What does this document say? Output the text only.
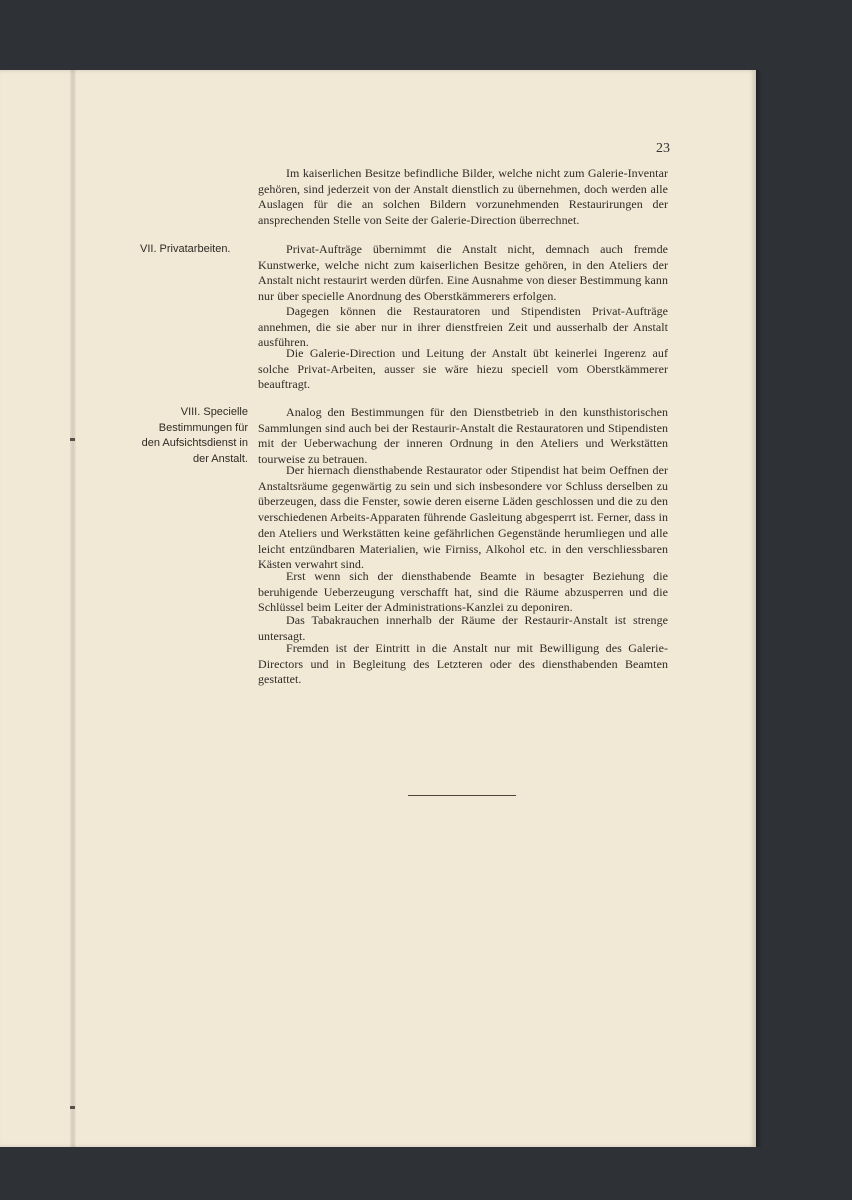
23

Im kaiserlichen Besitze befindliche Bilder, welche nicht zum Galerie-Inventar gehören, sind jederzeit von der Anstalt dienstlich zu übernehmen, doch werden alle Auslagen für die an solchen Bildern vorzunehmenden Restaurirungen der ansprechenden Stelle von Seite der Galerie-Direction überrechnet.

VII. Privatarbeiten.	Privat-Aufträge übernimmt die Anstalt nicht, demnach auch fremde Kunstwerke, welche nicht zum kaiserlichen Besitze gehören, in den Ateliers der Anstalt nicht restaurirt werden dürfen. Eine Ausnahme von dieser Bestimmung kann nur über specielle Anordnung des Oberstkämmerers erfolgen.

Dagegen können die Restauratoren und Stipendisten Privat-Aufträge annehmen, die sie aber nur in ihrer dienstfreien Zeit und ausserhalb der Anstalt ausführen.

Die Galerie-Direction und Leitung der Anstalt übt keinerlei Ingerenz auf solche Privat-Arbeiten, ausser sie wäre hiezu speciell vom Oberstkämmerer beauftragt.

VIII. Specielle Bestimmungen für den Aufsichtsdienst in der Anstalt.

Analog den Bestimmungen für den Dienstbetrieb in den kunsthistorischen Sammlungen sind auch bei der Restaurir-Anstalt die Restauratoren und Stipendisten mit der Ueberwachung der inneren Ordnung in den Ateliers und Werkstätten tourweise zu betrauen.

Der hiernach diensthabende Restaurator oder Stipendist hat beim Oeffnen der Anstaltsräume gegenwärtig zu sein und sich insbesondere vor Schluss derselben zu überzeugen, dass die Fenster, sowie deren eiserne Läden geschlossen und die zu den verschiedenen Arbeits-Apparaten führende Gasleitung abgesperrt ist. Ferner, dass in den Ateliers und Werkstätten keine gefährlichen Gegenstände herumliegen und alle leicht entzündbaren Materialien, wie Firniss, Alkohol etc. in den verschliessbaren Kästen verwahrt sind.

Erst wenn sich der diensthabende Beamte in besagter Beziehung die beruhigende Ueberzeugung verschafft hat, sind die Räume abzusperren und die Schlüssel beim Leiter der Administrations-Kanzlei zu deponiren.

Das Tabakrauchen innerhalb der Räume der Restaurir-Anstalt ist strenge untersagt.

Fremden ist der Eintritt in die Anstalt nur mit Bewilligung des Galerie-Directors und in Begleitung des Letzteren oder des diensthabenden Beamten gestattet.
